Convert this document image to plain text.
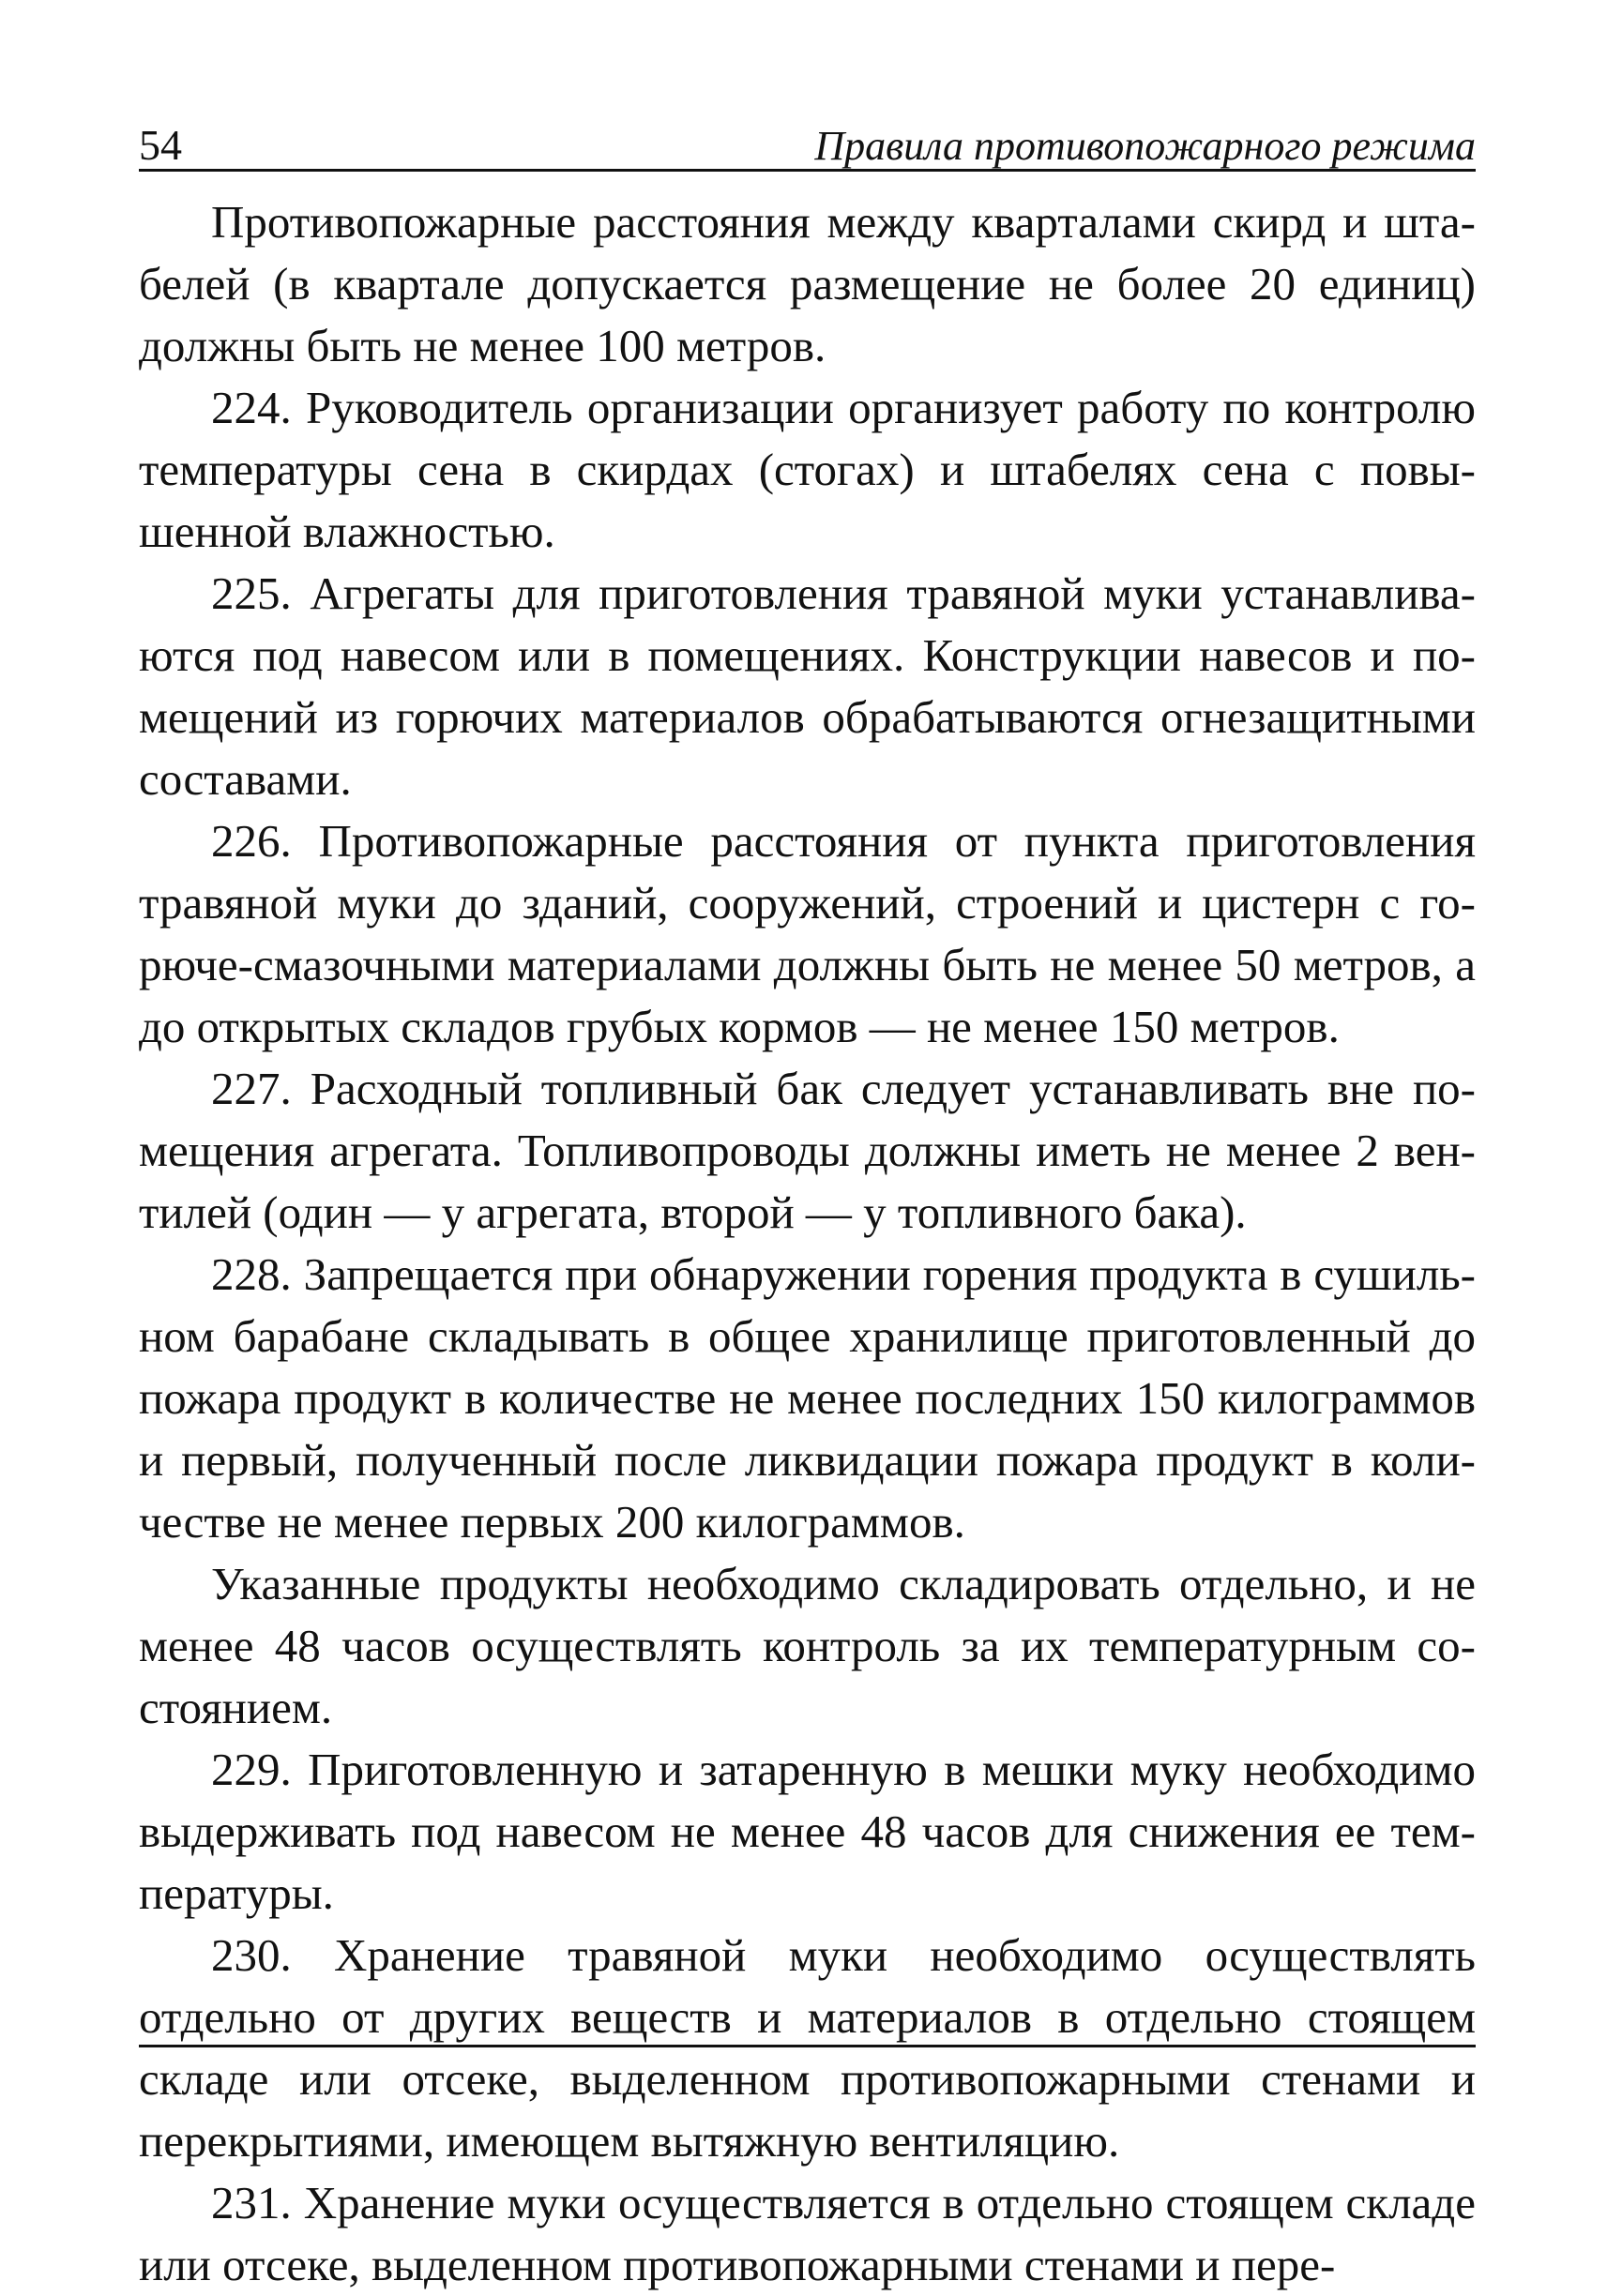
54	Правила противопожарного режима

Противопожарные расстояния между кварталами скирд и штабелей (в квартале допускается размещение не более 20 единиц) должны быть не менее 100 метров.

224. Руководитель организации организует работу по контролю температуры сена в скирдах (стогах) и штабелях сена с повышенной влажностью.

225. Агрегаты для приготовления травяной муки устанавливаются под навесом или в помещениях. Конструкции навесов и помещений из горючих материалов обрабатываются огнезащитными составами.

226. Противопожарные расстояния от пункта приготовления травяной муки до зданий, сооружений, строений и цистерн с горюче-смазочными материалами должны быть не менее 50 метров, а до открытых складов грубых кормов — не менее 150 метров.

227. Расходный топливный бак следует устанавливать вне помещения агрегата. Топливопроводы должны иметь не менее 2 вентилей (один — у агрегата, второй — у топливного бака).

228. Запрещается при обнаружении горения продукта в сушильном барабане складывать в общее хранилище приготовленный до пожара продукт в количестве не менее последних 150 килограммов и первый, полученный после ликвидации пожара продукт в количестве не менее первых 200 килограммов.

Указанные продукты необходимо складировать отдельно, и не менее 48 часов осуществлять контроль за их температурным состоянием.

229. Приготовленную и затаренную в мешки муку необходимо выдерживать под навесом не менее 48 часов для снижения ее температуры.

230. Хранение травяной муки необходимо осуществлять отдельно от других веществ и материалов в отдельно стоящем складе или отсеке, выделенном противопожарными стенами и перекрытиями, имеющем вытяжную вентиляцию.

231. Хранение муки осуществляется в отдельно стоящем складе или отсеке, выделенном противопожарными стенами и пере-
